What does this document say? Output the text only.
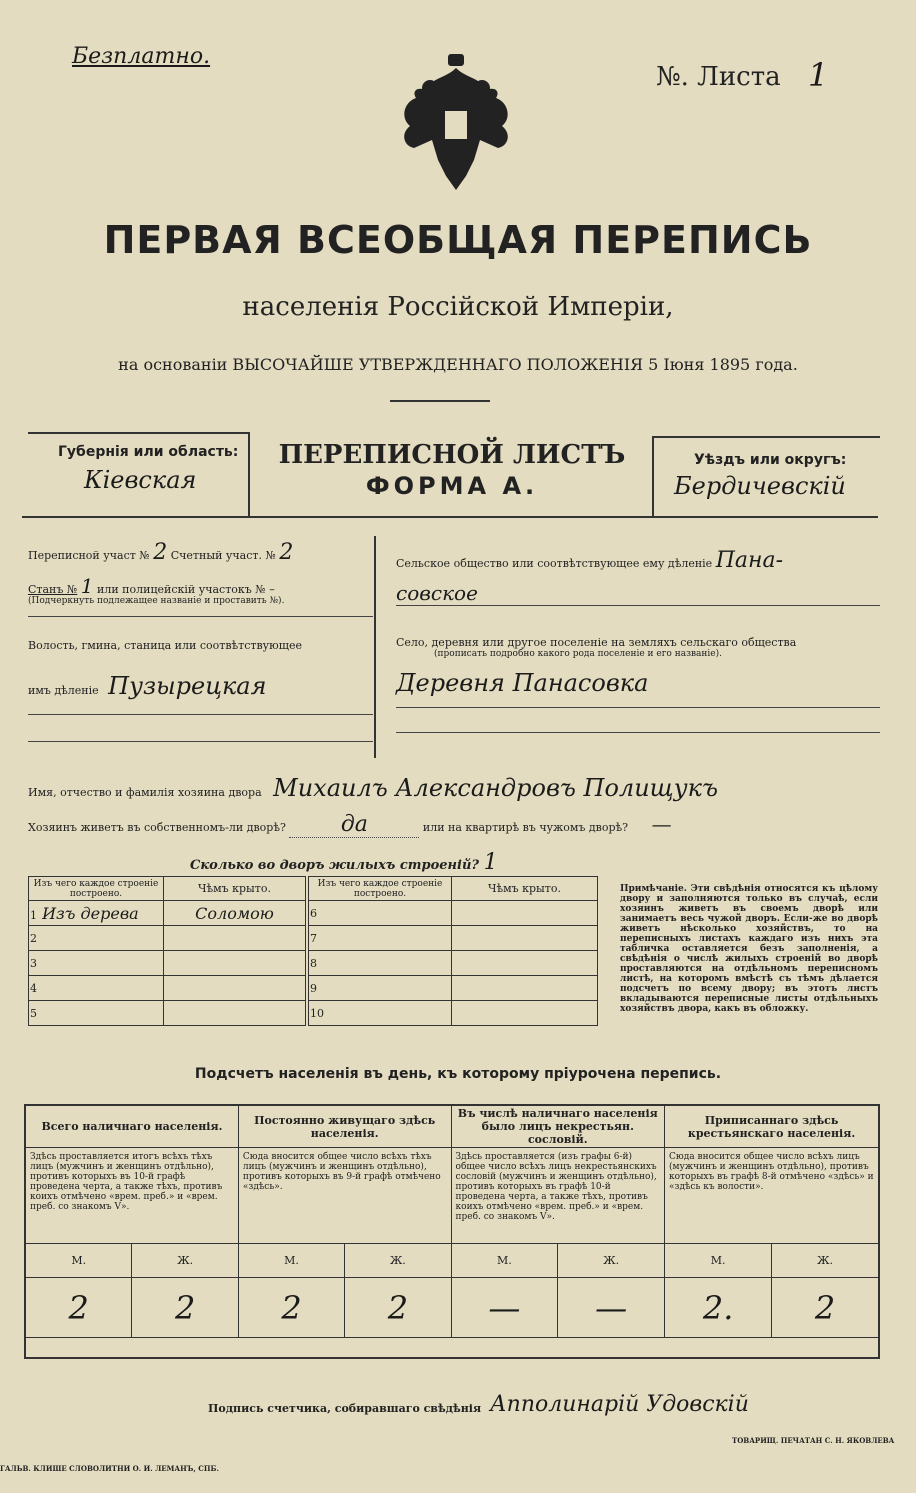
Безплатно.
№. Листа 1
ПЕРВАЯ ВСЕОБЩАЯ ПЕРЕПИСЬ
населенія Россійской Имперіи,
на основаніи ВЫСОЧАЙШЕ УТВЕРЖДЕННАГО ПОЛОЖЕНІЯ 5 Іюня 1895 года.
Губернія или область:
Кіевская
ПЕРЕПИСНОЙ ЛИСТЪ
ФОРМА А.
Уѣздъ или округъ:
Бердичевскій
Переписной участ № 2 Счетный участ. № 2
Станъ № 1 или полицейскій участокъ № –
(Подчеркнуть подлежащее названіе и проставить №).
Волость, гмина, станица или соотвѣтствующее
имъ дѣленіе Пузырецкая
Сельское общество или соотвѣтствующее ему дѣленіе Пана-
совское
Село, деревня или другое поселеніе на земляхъ сельскаго общества
(прописать подробно какого рода поселеніе и его названіе).
Деревня Панасовка
Имя, отчество и фамилія хозяина двора Михаилъ Александровъ Полищукъ
Хозяинъ живетъ въ собственномъ-ли дворѣ? да	или на квартирѣ въ чужомъ дворѣ? —
Сколько во дворъ жилыхъ строеній? 1
Изъ чего каждое строеніе построено.	Чѣмъ крыто.
1 Изъ дерева	Соломою
2	
3	
4	
5	
Изъ чего каждое строеніе построено.	Чѣмъ крыто.
6	
7	
8	
9	
10	
Примѣчаніе. Эти свѣдѣнія относятся къ цѣлому двору и заполняются только въ случаѣ, если хозяинъ живетъ въ своемъ дворѣ или занимаетъ весь чужой дворъ. Если-же во дворѣ живетъ нѣсколько хозяйствъ, то на переписныхъ листахъ каждаго изъ нихъ эта табличка оставляется безъ заполненія, а свѣдѣнія о числѣ жилыхъ строеній во дворѣ проставляются на отдѣльномъ переписномъ листѣ, на которомъ вмѣстѣ съ тѣмъ дѣлается подсчетъ по всему двору; въ этотъ листъ вкладываются переписные листы отдѣльныхъ хозяйствъ двора, какъ въ обложку.
Подсчетъ населенія въ день, къ которому пріурочена перепись.
Всего наличнаго населенія.		Постоянно живущаго здѣсь населенія.		Въ числѣ наличнаго населенія было лицъ некрестьян. сословій.		Приписаннаго здѣсь крестьянскаго населенія.	
Здѣсь проставляется итогъ всѣхъ тѣхъ лицъ (мужчинъ и женщинъ отдѣльно), противъ которыхъ въ 10-й графѣ проведена черта, а также тѣхъ, противъ коихъ отмѣчено «врем. преб.» и «врем. преб. со знакомъ V».		Сюда вносится общее число всѣхъ тѣхъ лицъ (мужчинъ и женщинъ отдѣльно), противъ которыхъ въ 9-й графѣ отмѣчено «здѣсь».		Здѣсь проставляется (изъ графы 6-й) общее число всѣхъ лицъ некрестьянскихъ сословій (мужчинъ и женщинъ отдѣльно), противъ которыхъ въ графѣ 10-й проведена черта, а также тѣхъ, противъ коихъ отмѣчено «врем. преб.» и «врем. преб. со знакомъ V».		Сюда вносится общее число всѣхъ лицъ (мужчинъ и женщинъ отдѣльно), противъ которыхъ въ графѣ 8-й отмѣчено «здѣсь» и «здѣсь къ волости».	
М.	Ж.	М.	Ж.	М.	Ж.	М.	Ж.
2	2	2	2	—	—	2.	2

Подпись счетчика, собиравшаго свѣдѣнія Апполинарій Удовскій
ГАЛЬВ. КЛИШЕ СЛОВОЛИТНИ О. И. ЛЕМАНЪ, СПБ.
ТОВАРИЩ. ПЕЧАТАН С. Н. ЯКОВЛЕВА
